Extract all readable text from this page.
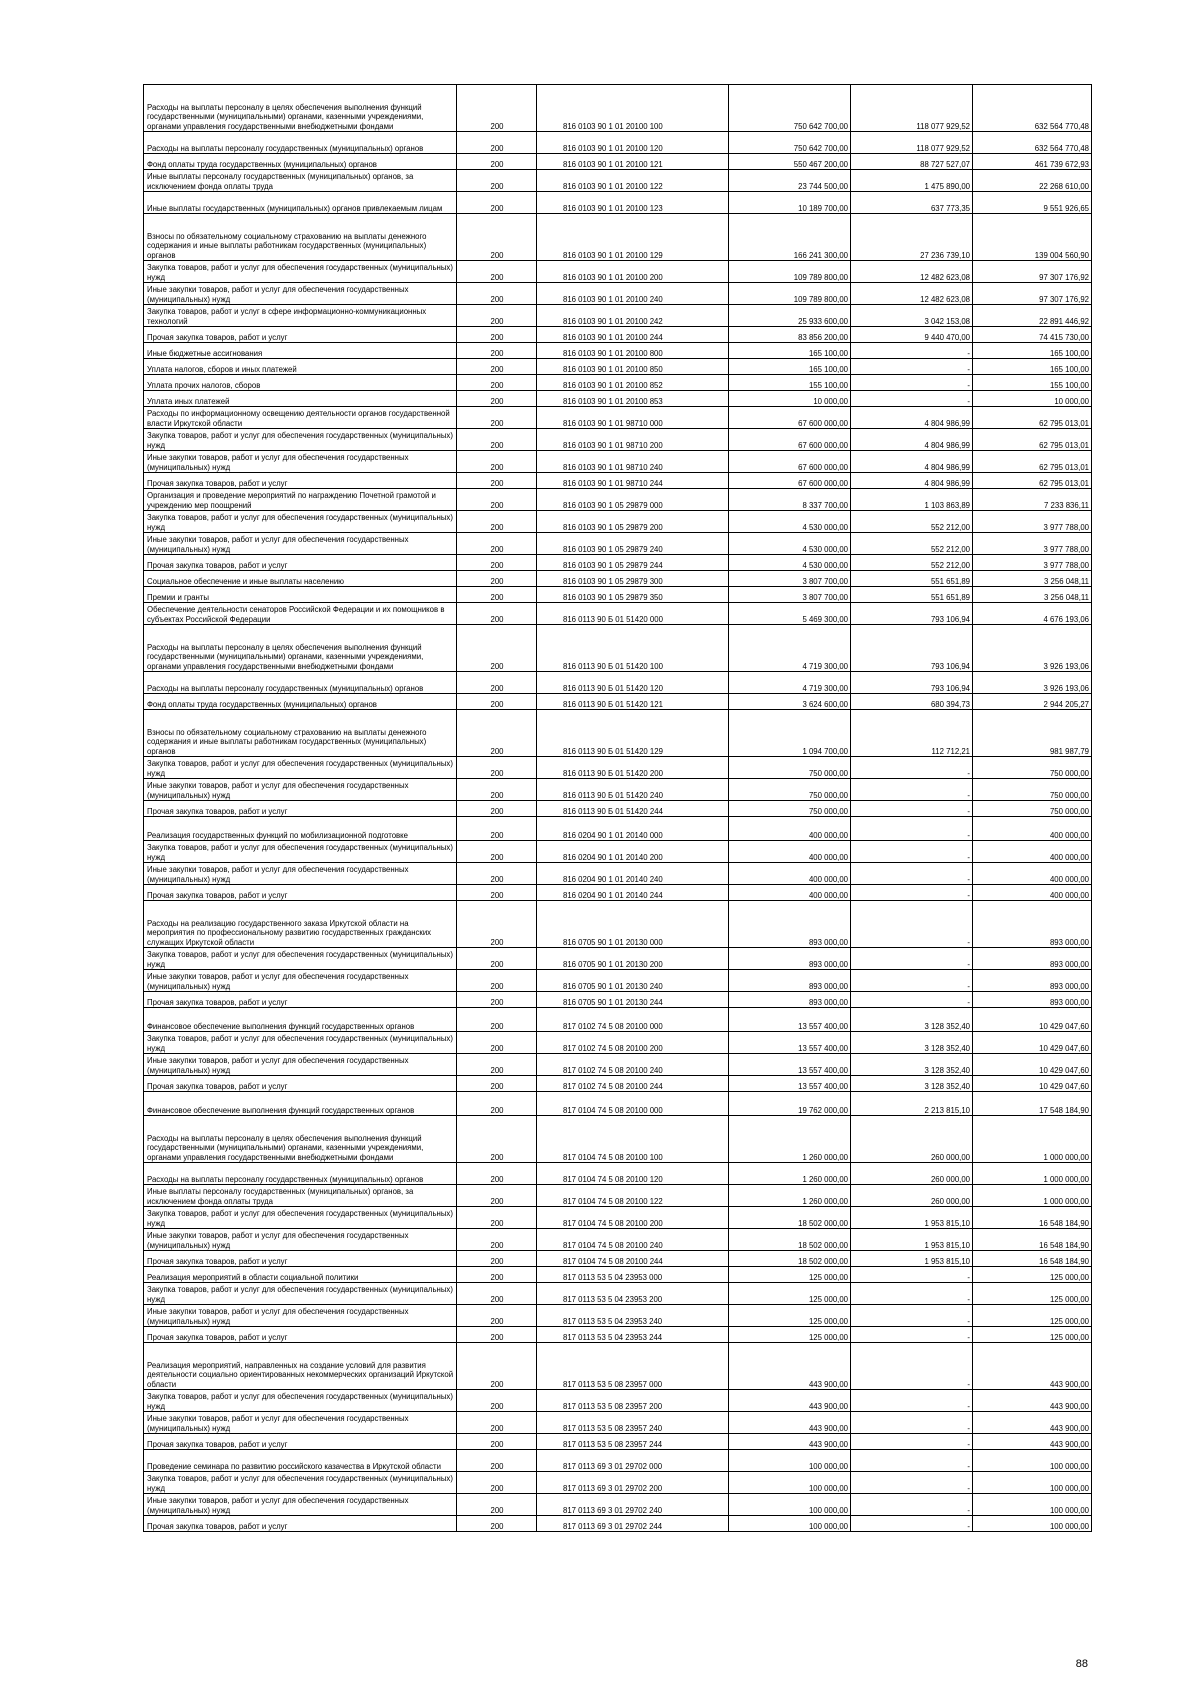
Расходы на выплаты персоналу в целях обеспечения выполнения функций государственными (муниципальными) органами, казенными учреждениями, органами управления государственными внебюджетными фондами	200	816 0103 90 1 01 20100 100	750 642 700,00	118 077 929,52	632 564 770,48
Расходы на выплаты персоналу государственных (муниципальных) органов	200	816 0103 90 1 01 20100 120	750 642 700,00	118 077 929,52	632 564 770,48
Фонд оплаты труда государственных (муниципальных) органов	200	816 0103 90 1 01 20100 121	550 467 200,00	88 727 527,07	461 739 672,93
Иные выплаты персоналу государственных (муниципальных) органов, за исключением фонда оплаты труда	200	816 0103 90 1 01 20100 122	23 744 500,00	1 475 890,00	22 268 610,00
Иные выплаты государственных (муниципальных) органов привлекаемым лицам	200	816 0103 90 1 01 20100 123	10 189 700,00	637 773,35	9 551 926,65
Взносы по обязательному социальному страхованию на выплаты денежного содержания и иные выплаты работникам государственных (муниципальных) органов	200	816 0103 90 1 01 20100 129	166 241 300,00	27 236 739,10	139 004 560,90
Закупка товаров, работ и услуг для обеспечения государственных (муниципальных) нужд	200	816 0103 90 1 01 20100 200	109 789 800,00	12 482 623,08	97 307 176,92
Иные закупки товаров, работ и услуг для обеспечения государственных (муниципальных) нужд	200	816 0103 90 1 01 20100 240	109 789 800,00	12 482 623,08	97 307 176,92
Закупка товаров, работ и услуг в сфере информационно-коммуникационных технологий	200	816 0103 90 1 01 20100 242	25 933 600,00	3 042 153,08	22 891 446,92
Прочая закупка товаров, работ и услуг	200	816 0103 90 1 01 20100 244	83 856 200,00	9 440 470,00	74 415 730,00
Иные бюджетные ассигнования	200	816 0103 90 1 01 20100 800	165 100,00	-	165 100,00
Уплата налогов, сборов и иных платежей	200	816 0103 90 1 01 20100 850	165 100,00	-	165 100,00
Уплата прочих налогов, сборов	200	816 0103 90 1 01 20100 852	155 100,00	-	155 100,00
Уплата иных платежей	200	816 0103 90 1 01 20100 853	10 000,00	-	10 000,00
Расходы по информационному освещению деятельности органов государственной власти Иркутской области	200	816 0103 90 1 01 98710 000	67 600 000,00	4 804 986,99	62 795 013,01
Закупка товаров, работ и услуг для обеспечения государственных (муниципальных) нужд	200	816 0103 90 1 01 98710 200	67 600 000,00	4 804 986,99	62 795 013,01
Иные закупки товаров, работ и услуг для обеспечения государственных (муниципальных) нужд	200	816 0103 90 1 01 98710 240	67 600 000,00	4 804 986,99	62 795 013,01
Прочая закупка товаров, работ и услуг	200	816 0103 90 1 01 98710 244	67 600 000,00	4 804 986,99	62 795 013,01
Организация и проведение мероприятий по награждению Почетной грамотой и учреждению мер поощрений	200	816 0103 90 1 05 29879 000	8 337 700,00	1 103 863,89	7 233 836,11
Закупка товаров, работ и услуг для обеспечения государственных (муниципальных) нужд	200	816 0103 90 1 05 29879 200	4 530 000,00	552 212,00	3 977 788,00
Иные закупки товаров, работ и услуг для обеспечения государственных (муниципальных) нужд	200	816 0103 90 1 05 29879 240	4 530 000,00	552 212,00	3 977 788,00
Прочая закупка товаров, работ и услуг	200	816 0103 90 1 05 29879 244	4 530 000,00	552 212,00	3 977 788,00
Социальное обеспечение и иные выплаты населению	200	816 0103 90 1 05 29879 300	3 807 700,00	551 651,89	3 256 048,11
Премии и гранты	200	816 0103 90 1 05 29879 350	3 807 700,00	551 651,89	3 256 048,11
Обеспечение деятельности сенаторов Российской Федерации и их помощников в субъектах Российской Федерации	200	816 0113 90 Б 01 51420 000	5 469 300,00	793 106,94	4 676 193,06
Расходы на выплаты персоналу в целях обеспечения выполнения функций государственными (муниципальными) органами, казенными учреждениями, органами управления государственными внебюджетными фондами	200	816 0113 90 Б 01 51420 100	4 719 300,00	793 106,94	3 926 193,06
Расходы на выплаты персоналу государственных (муниципальных) органов	200	816 0113 90 Б 01 51420 120	4 719 300,00	793 106,94	3 926 193,06
Фонд оплаты труда государственных (муниципальных) органов	200	816 0113 90 Б 01 51420 121	3 624 600,00	680 394,73	2 944 205,27
Взносы по обязательному социальному страхованию на выплаты денежного содержания и иные выплаты работникам государственных (муниципальных) органов	200	816 0113 90 Б 01 51420 129	1 094 700,00	112 712,21	981 987,79
Закупка товаров, работ и услуг для обеспечения государственных (муниципальных) нужд	200	816 0113 90 Б 01 51420 200	750 000,00	-	750 000,00
Иные закупки товаров, работ и услуг для обеспечения государственных (муниципальных) нужд	200	816 0113 90 Б 01 51420 240	750 000,00	-	750 000,00
Прочая закупка товаров, работ и услуг	200	816 0113 90 Б 01 51420 244	750 000,00	-	750 000,00
Реализация государственных функций по мобилизационной подготовке	200	816 0204 90 1 01 20140 000	400 000,00	-	400 000,00
Закупка товаров, работ и услуг для обеспечения государственных (муниципальных) нужд	200	816 0204 90 1 01 20140 200	400 000,00	-	400 000,00
Иные закупки товаров, работ и услуг для обеспечения государственных (муниципальных) нужд	200	816 0204 90 1 01 20140 240	400 000,00	-	400 000,00
Прочая закупка товаров, работ и услуг	200	816 0204 90 1 01 20140 244	400 000,00	-	400 000,00
Расходы на реализацию государственного заказа Иркутской области на мероприятия по профессиональному развитию государственных гражданских служащих Иркутской области	200	816 0705 90 1 01 20130 000	893 000,00	-	893 000,00
Закупка товаров, работ и услуг для обеспечения государственных (муниципальных) нужд	200	816 0705 90 1 01 20130 200	893 000,00	-	893 000,00
Иные закупки товаров, работ и услуг для обеспечения государственных (муниципальных) нужд	200	816 0705 90 1 01 20130 240	893 000,00	-	893 000,00
Прочая закупка товаров, работ и услуг	200	816 0705 90 1 01 20130 244	893 000,00	-	893 000,00
Финансовое обеспечение выполнения функций государственных органов	200	817 0102 74 5 08 20100 000	13 557 400,00	3 128 352,40	10 429 047,60
Закупка товаров, работ и услуг для обеспечения государственных (муниципальных) нужд	200	817 0102 74 5 08 20100 200	13 557 400,00	3 128 352,40	10 429 047,60
Иные закупки товаров, работ и услуг для обеспечения государственных (муниципальных) нужд	200	817 0102 74 5 08 20100 240	13 557 400,00	3 128 352,40	10 429 047,60
Прочая закупка товаров, работ и услуг	200	817 0102 74 5 08 20100 244	13 557 400,00	3 128 352,40	10 429 047,60
Финансовое обеспечение выполнения функций государственных органов	200	817 0104 74 5 08 20100 000	19 762 000,00	2 213 815,10	17 548 184,90
Расходы на выплаты персоналу в целях обеспечения выполнения функций государственными (муниципальными) органами, казенными учреждениями, органами управления государственными внебюджетными фондами	200	817 0104 74 5 08 20100 100	1 260 000,00	260 000,00	1 000 000,00
Расходы на выплаты персоналу государственных (муниципальных) органов	200	817 0104 74 5 08 20100 120	1 260 000,00	260 000,00	1 000 000,00
Иные выплаты персоналу государственных (муниципальных) органов, за исключением фонда оплаты труда	200	817 0104 74 5 08 20100 122	1 260 000,00	260 000,00	1 000 000,00
Закупка товаров, работ и услуг для обеспечения государственных (муниципальных) нужд	200	817 0104 74 5 08 20100 200	18 502 000,00	1 953 815,10	16 548 184,90
Иные закупки товаров, работ и услуг для обеспечения государственных (муниципальных) нужд	200	817 0104 74 5 08 20100 240	18 502 000,00	1 953 815,10	16 548 184,90
Прочая закупка товаров, работ и услуг	200	817 0104 74 5 08 20100 244	18 502 000,00	1 953 815,10	16 548 184,90
Реализация мероприятий в области социальной политики	200	817 0113 53 5 04 23953 000	125 000,00	-	125 000,00
Закупка товаров, работ и услуг для обеспечения государственных (муниципальных) нужд	200	817 0113 53 5 04 23953 200	125 000,00	-	125 000,00
Иные закупки товаров, работ и услуг для обеспечения государственных (муниципальных) нужд	200	817 0113 53 5 04 23953 240	125 000,00	-	125 000,00
Прочая закупка товаров, работ и услуг	200	817 0113 53 5 04 23953 244	125 000,00	-	125 000,00
Реализация мероприятий, направленных на создание условий для развития деятельности социально ориентированных некоммерческих организаций Иркутской области	200	817 0113 53 5 08 23957 000	443 900,00	-	443 900,00
Закупка товаров, работ и услуг для обеспечения государственных (муниципальных) нужд	200	817 0113 53 5 08 23957 200	443 900,00	-	443 900,00
Иные закупки товаров, работ и услуг для обеспечения государственных (муниципальных) нужд	200	817 0113 53 5 08 23957 240	443 900,00	-	443 900,00
Прочая закупка товаров, работ и услуг	200	817 0113 53 5 08 23957 244	443 900,00	-	443 900,00
Проведение семинара по развитию российского казачества в Иркутской области	200	817 0113 69 3 01 29702 000	100 000,00	-	100 000,00
Закупка товаров, работ и услуг для обеспечения государственных (муниципальных) нужд	200	817 0113 69 3 01 29702 200	100 000,00	-	100 000,00
Иные закупки товаров, работ и услуг для обеспечения государственных (муниципальных) нужд	200	817 0113 69 3 01 29702 240	100 000,00	-	100 000,00
Прочая закупка товаров, работ и услуг	200	817 0113 69 3 01 29702 244	100 000,00	-	100 000,00
88
